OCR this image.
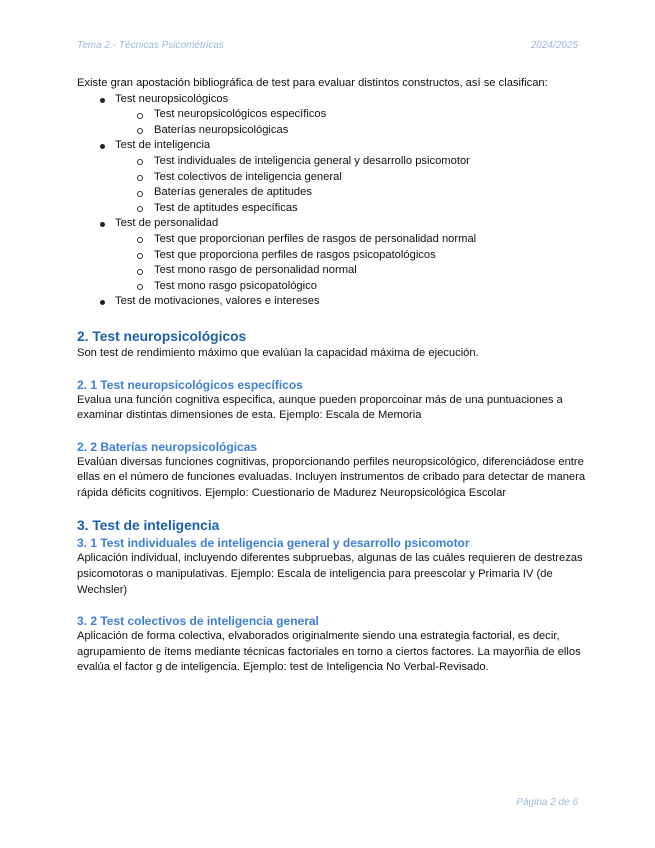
Tema 2.- Técnicas Psicométricas	2024/2025

Existe gran apostación bibliográfica de test para evaluar distintos constructos, así se clasifican:

Test neuropsicológicos
Test neuropsicológicos específicos
Baterías neuropsicológicas
Test de inteligencia
Test individuales de inteligencia general y desarrollo psicomotor
Test colectivos de inteligencia general
Baterías generales de aptitudes
Test de aptitudes específicas
Test de personalidad
Test que proporcionan perfiles de rasgos de personalidad normal
Test que proporciona perfiles de rasgos psicopatológicos
Test mono rasgo de personalidad normal
Test mono rasgo psicopatológico
Test de motivaciones, valores e intereses
2. Test neuropsicológicos

Son test de rendimiento máximo que evalúan la capacidad máxima de ejecución.

2. 1 Test neuropsicológicos específicos

Evalua una función cognitiva especifica, aunque pueden proporcoinar más de una puntuaciones a examinar distintas dimensiones de esta. Ejemplo: Escala de Memoria

2. 2 Baterías neuropsicológicas

Evalúan diversas funciones cognitivas, proporcionando perfiles neuropsicológico, diferenciádose entre ellas en el número de funciones evaluadas. Incluyen instrumentos de cribado para detectar de manera rápida déficits cognitivos. Ejemplo: Cuestionario de Madurez Neuropsicológica Escolar

3. Test de inteligencia
3. 1 Test individuales de inteligencia general y desarrollo psicomotor

Aplicación individual, incluyendo diferentes subpruebas, algunas de las cuáles requieren de destrezas psicomotoras o manipulativas. Ejemplo: Escala de inteligencia para preescolar y Primaria IV (de Wechsler)

3. 2 Test colectivos de inteligencia general

Aplicación de forma colectiva, elvaborados originalmente siendo una estrategia factorial, es decir, agrupamiento de ítems mediante técnicas factoriales en torno a ciertos factores. La mayorñia de ellos evalúa el factor g de inteligencia. Ejemplo: test de Inteligencia No Verbal-Revisado.

Página 2 de 6
